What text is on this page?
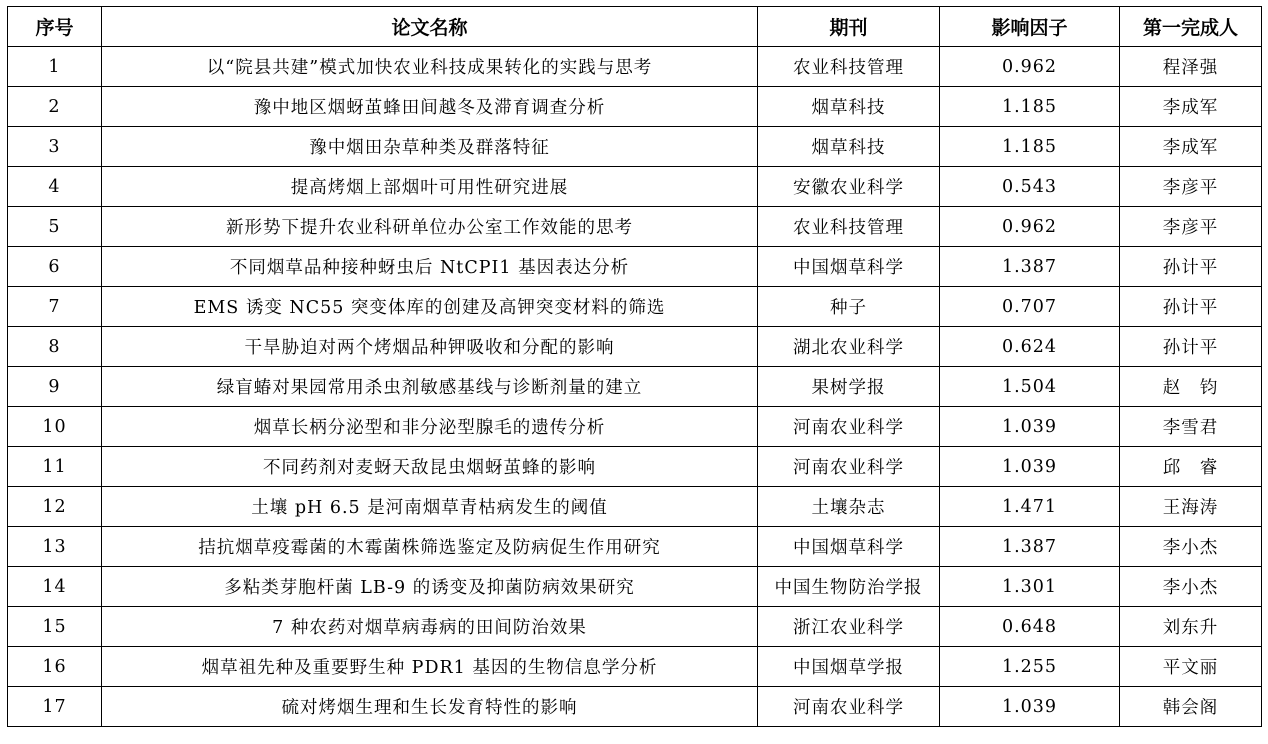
序号	论文名称	期刊	影响因子	第一完成人
1	以“院县共建”模式加快农业科技成果转化的实践与思考	农业科技管理	0.962	程泽强
2	豫中地区烟蚜茧蜂田间越冬及滞育调查分析	烟草科技	1.185	李成军
3	豫中烟田杂草种类及群落特征	烟草科技	1.185	李成军
4	提高烤烟上部烟叶可用性研究进展	安徽农业科学	0.543	李彦平
5	新形势下提升农业科研单位办公室工作效能的思考	农业科技管理	0.962	李彦平
6	不同烟草品种接种蚜虫后 NtCPI1 基因表达分析	中国烟草科学	1.387	孙计平
7	EMS 诱变 NC55 突变体库的创建及高钾突变材料的筛选	种子	0.707	孙计平
8	干旱胁迫对两个烤烟品种钾吸收和分配的影响	湖北农业科学	0.624	孙计平
9	绿盲蝽对果园常用杀虫剂敏感基线与诊断剂量的建立	果树学报	1.504	赵　钧
10	烟草长柄分泌型和非分泌型腺毛的遗传分析	河南农业科学	1.039	李雪君
11	不同药剂对麦蚜天敌昆虫烟蚜茧蜂的影响	河南农业科学	1.039	邱　睿
12	土壤 pH 6.5 是河南烟草青枯病发生的阈值	土壤杂志	1.471	王海涛
13	拮抗烟草疫霉菌的木霉菌株筛选鉴定及防病促生作用研究	中国烟草科学	1.387	李小杰
14	多粘类芽胞杆菌 LB-9 的诱变及抑菌防病效果研究	中国生物防治学报	1.301	李小杰
15	7 种农药对烟草病毒病的田间防治效果	浙江农业科学	0.648	刘东升
16	烟草祖先种及重要野生种 PDR1 基因的生物信息学分析	中国烟草学报	1.255	平文丽
17	硫对烤烟生理和生长发育特性的影响	河南农业科学	1.039	韩会阁
